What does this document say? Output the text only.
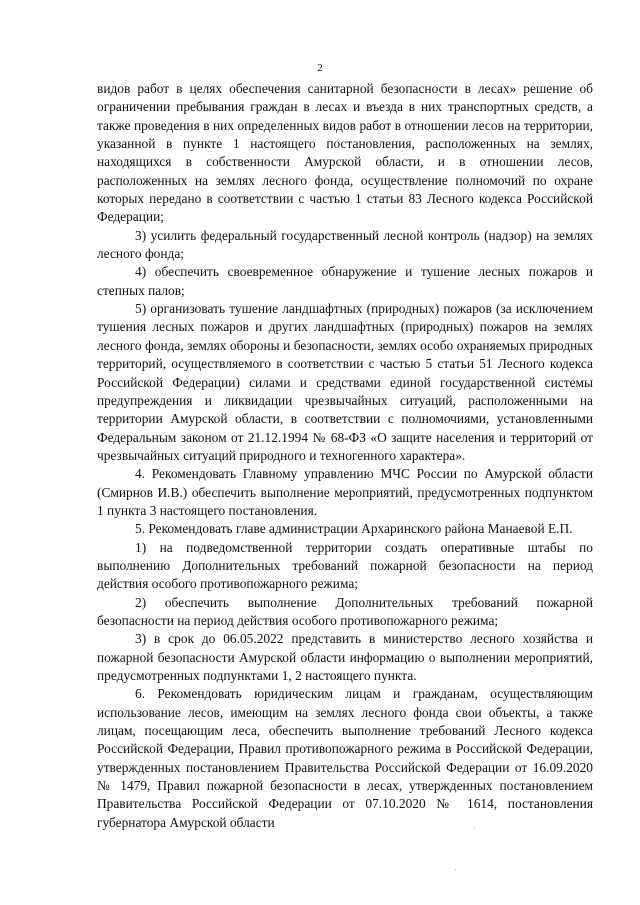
2

видов работ в целях обеспечения санитарной безопасности в лесах» решение об ограничении пребывания граждан в лесах и въезда в них транспортных средств, а также проведения в них определенных видов работ в отношении лесов на территории, указанной в пункте 1 настоящего постановления, расположенных на землях, находящихся в собственности Амурской области, и в отношении лесов, расположенных на землях лесного фонда, осуществление полномочий по охране которых передано в соответствии с частью 1 статьи 83 Лесного кодекса Российской Федерации;

3) усилить федеральный государственный лесной контроль (надзор) на землях лесного фонда;

4) обеспечить своевременное обнаружение и тушение лесных пожаров и степных палов;

5) организовать тушение ландшафтных (природных) пожаров (за исключением тушения лесных пожаров и других ландшафтных (природных) пожаров на землях лесного фонда, землях обороны и безопасности, землях особо охраняемых природных территорий, осуществляемого в соответствии с частью 5 статьи 51 Лесного кодекса Российской Федерации) силами и средствами единой государственной системы предупреждения и ликвидации чрезвычайных ситуаций, расположенными на территории Амурской области, в соответствии с полномочиями, установленными Федеральным законом от 21.12.1994 № 68-ФЗ «О защите населения и территорий от чрезвычайных ситуаций природного и техногенного характера».

4. Рекомендовать Главному управлению МЧС России по Амурской области (Смирнов И.В.) обеспечить выполнение мероприятий, предусмотренных подпунктом 1 пункта 3 настоящего постановления.

5. Рекомендовать главе администрации Архаринского района Манаевой Е.П.

1) на подведомственной территории создать оперативные штабы по выполнению Дополнительных требований пожарной безопасности на период действия особого противопожарного режима;

2) обеспечить выполнение Дополнительных требований пожарной безопасности на период действия особого противопожарного режима;

3) в срок до 06.05.2022 представить в министерство лесного хозяйства и пожарной безопасности Амурской области информацию о выполнении мероприятий, предусмотренных подпунктами 1, 2 настоящего пункта.

6. Рекомендовать юридическим лицам и гражданам, осуществляющим использование лесов, имеющим на землях лесного фонда свои объекты, а также лицам, посещающим леса, обеспечить выполнение требований Лесного кодекса Российской Федерации, Правил противопожарного режима в Российской Федерации, утвержденных постановлением Правительства Российской Федерации от 16.09.2020 № 1479, Правил пожарной безопасности в лесах, утвержденных постановлением Правительства Российской Федерации от 07.10.2020 № 1614, постановления губернатора Амурской области
